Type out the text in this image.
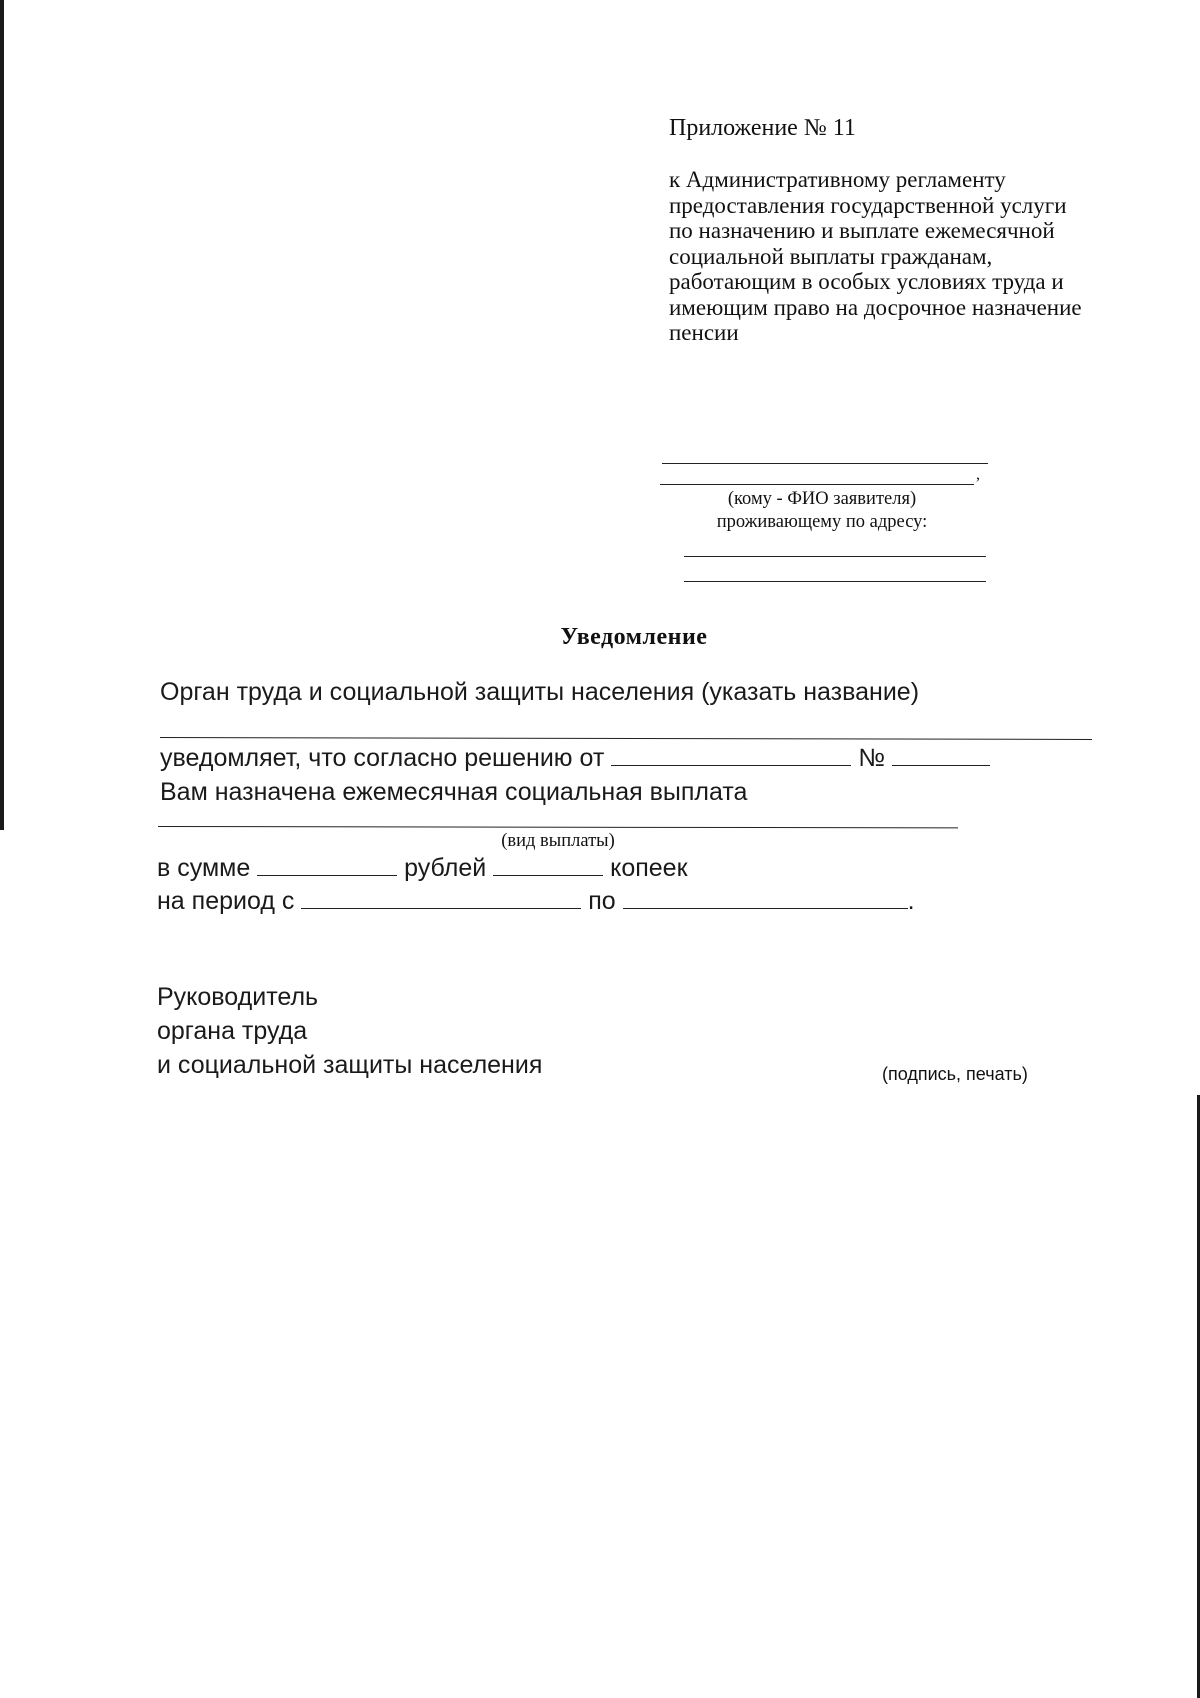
Приложение № 11
к Административному регламенту
предоставления государственной услуги
по назначению и выплате ежемесячной
социальной выплаты гражданам,
работающим в особых условиях труда и
имеющим право на досрочное назначение
пенсии
,
(кому - ФИО заявителя)
проживающему по адресу:
Уведомление
Орган труда и социальной защиты населения (указать название)
уведомляет, что согласно решению от	№
Вам назначена ежемесячная социальная выплата
(вид выплаты)
в сумме	рублей	копеек
на период с	по	.
Руководитель
органа труда
и социальной защиты населения	(подпись, печать)
